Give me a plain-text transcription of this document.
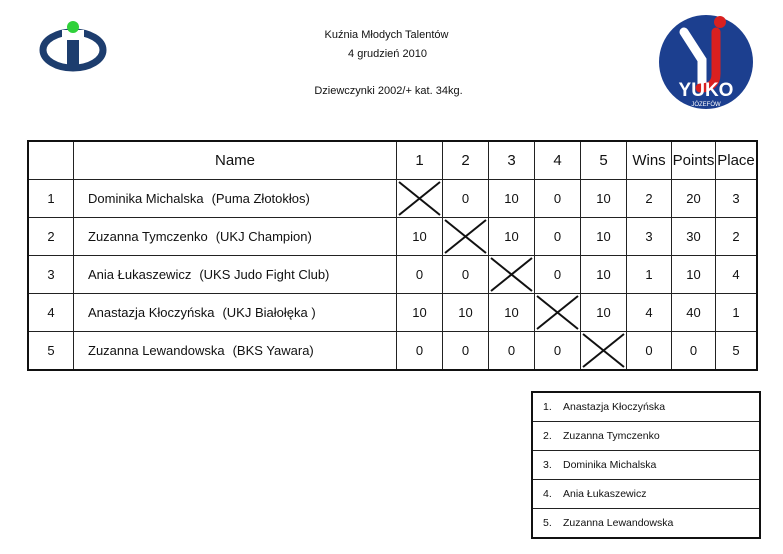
Kuźnia Młodych Talentów
4 grudzień 2010
Dziewczynki 2002/+ kat. 34kg.	YUKO
JÓZEFÓW
	Name	1	2	3	4	5	Wins	Points	Place
1	Dominika Michalska (Puma Złotokłos)		0	10	0	10	2	20	3
2	Zuzanna Tymczenko (UKJ Champion)	10		10	0	10	3	30	2
3	Ania Łukaszewicz (UKS Judo Fight Club)	0	0		0	10	1	10	4
4	Anastazja Kłoczyńska (UKJ Białołęka )	10	10	10		10	4	40	1
5	Zuzanna Lewandowska (BKS Yawara)	0	0	0	0		0	0	5
1. Anastazja Kłoczyńska
2. Zuzanna Tymczenko
3. Dominika Michalska
4. Ania Łukaszewicz
5. Zuzanna Lewandowska
